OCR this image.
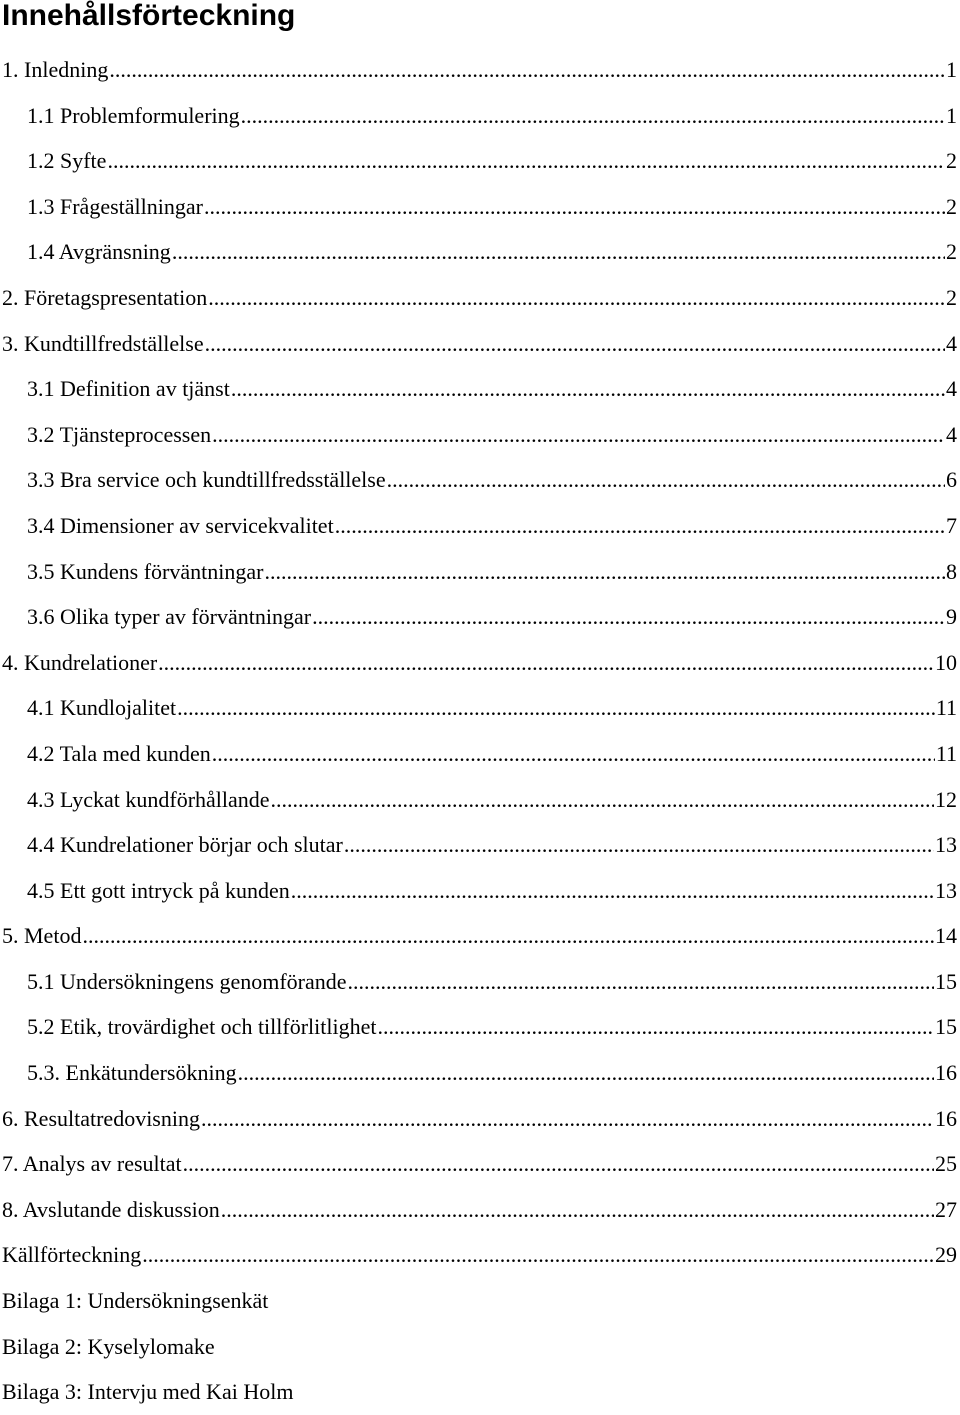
Innehållsförteckning
1. Inledning .....	1
1.1 Problemformulering .....	1
1.2 Syfte .....	2
1.3 Frågeställningar .....	2
1.4 Avgränsning .....	2
2. Företagspresentation .....	2
3. Kundtillfredställelse .....	4
3.1 Definition av tjänst .....	4
3.2 Tjänsteprocessen .....	4
3.3 Bra service och kundtillfredsställelse .....	6
3.4 Dimensioner av servicekvalitet .....	7
3.5 Kundens förväntningar .....	8
3.6 Olika typer av förväntningar .....	9
4. Kundrelationer .....	10
4.1 Kundlojalitet .....	11
4.2 Tala med kunden .....	11
4.3 Lyckat kundförhållande .....	12
4.4 Kundrelationer börjar och slutar .....	13
4.5 Ett gott intryck på kunden .....	13
5. Metod .....	14
5.1 Undersökningens genomförande .....	15
5.2 Etik, trovärdighet och tillförlitlighet .....	15
5.3. Enkätundersökning .....	16
6. Resultatredovisning .....	16
7. Analys av resultat .....	25
8. Avslutande diskussion .....	27
Källförteckning .....	29
Bilaga 1: Undersökningsenkät
Bilaga 2: Kyselylomake
Bilaga 3: Intervju med Kai Holm
